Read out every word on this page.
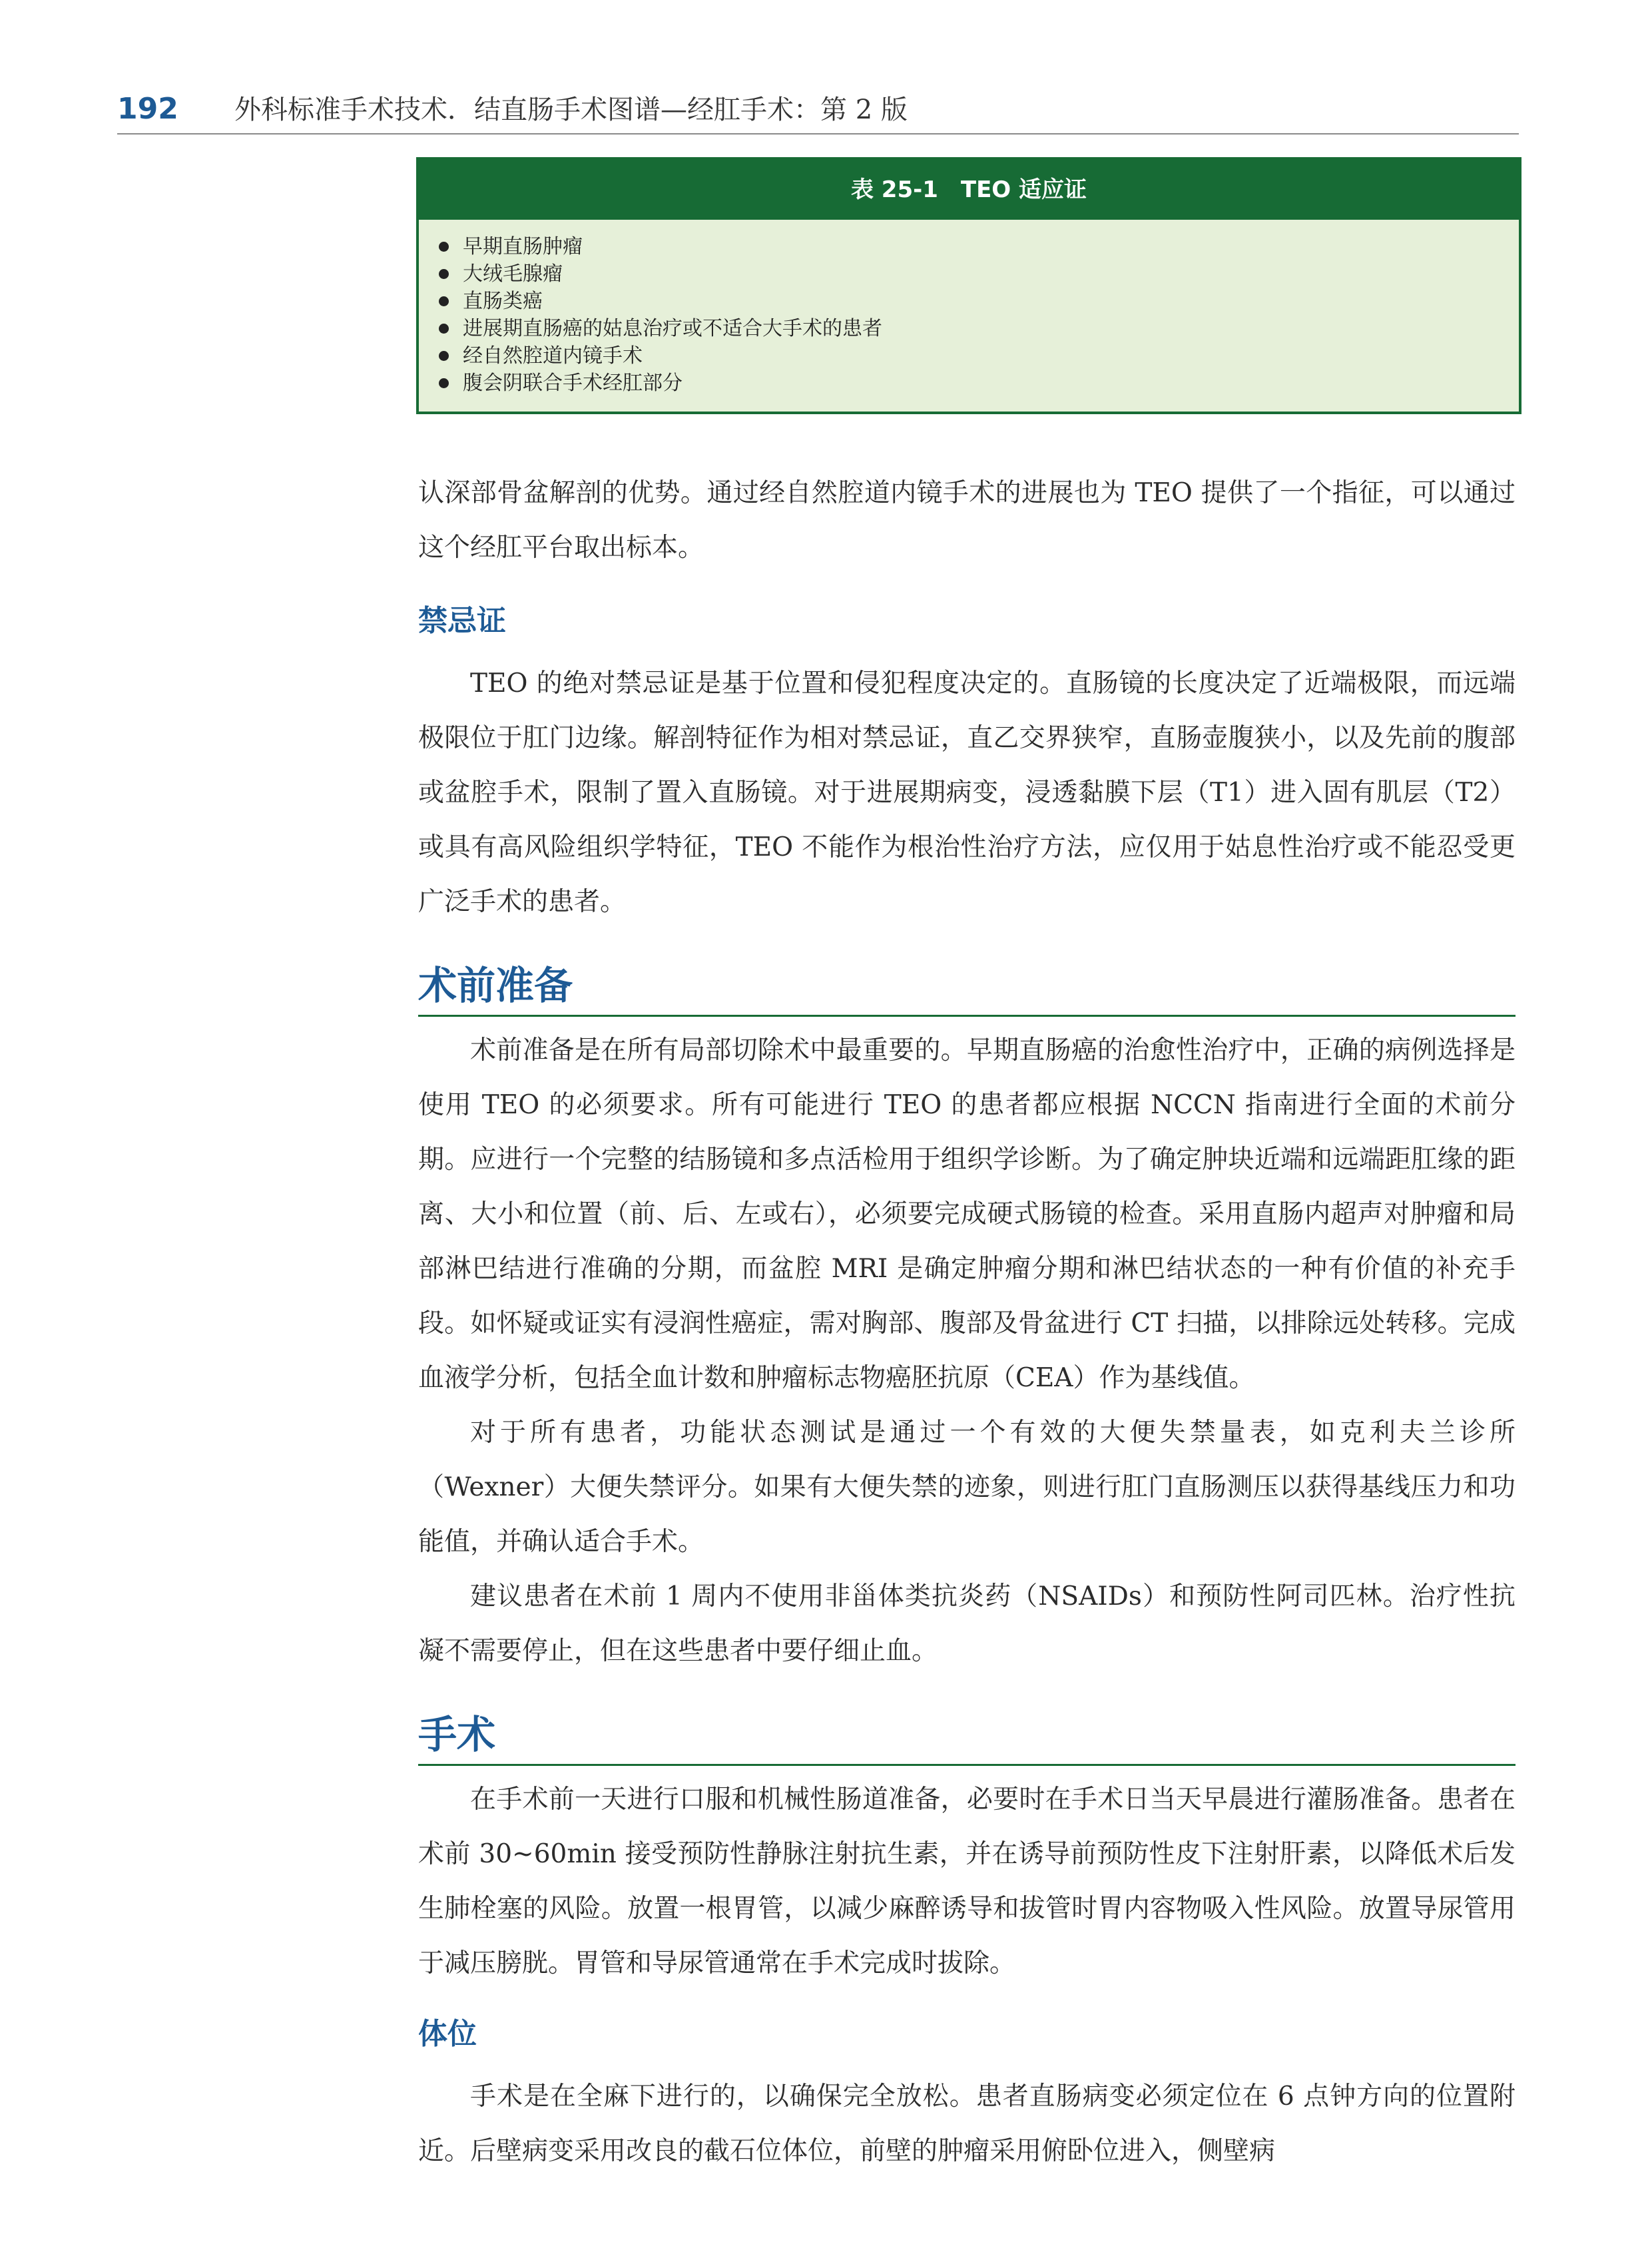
192 外科标准手术技术．结直肠手术图谱—经肛手术：第 2 版
表 25-1　TEO 适应证
早期直肠肿瘤
大绒毛腺瘤
直肠类癌
进展期直肠癌的姑息治疗或不适合大手术的患者
经自然腔道内镜手术
腹会阴联合手术经肛部分

认深部骨盆解剖的优势。通过经自然腔道内镜手术的进展也为 TEO 提供了一个指征，可以通过这个经肛平台取出标本。

禁忌证

TEO 的绝对禁忌证是基于位置和侵犯程度决定的。直肠镜的长度决定了近端极限，而远端极限位于肛门边缘。解剖特征作为相对禁忌证，直乙交界狭窄，直肠壶腹狭小，以及先前的腹部或盆腔手术，限制了置入直肠镜。对于进展期病变，浸透黏膜下层（T1）进入固有肌层（T2）或具有高风险组织学特征，TEO 不能作为根治性治疗方法，应仅用于姑息性治疗或不能忍受更广泛手术的患者。

术前准备

术前准备是在所有局部切除术中最重要的。早期直肠癌的治愈性治疗中，正确的病例选择是使用 TEO 的必须要求。所有可能进行 TEO 的患者都应根据 NCCN 指南进行全面的术前分期。应进行一个完整的结肠镜和多点活检用于组织学诊断。为了确定肿块近端和远端距肛缘的距离、大小和位置（前、后、左或右），必须要完成硬式肠镜的检查。采用直肠内超声对肿瘤和局部淋巴结进行准确的分期，而盆腔 MRI 是确定肿瘤分期和淋巴结状态的一种有价值的补充手段。如怀疑或证实有浸润性癌症，需对胸部、腹部及骨盆进行 CT 扫描，以排除远处转移。完成血液学分析，包括全血计数和肿瘤标志物癌胚抗原（CEA）作为基线值。

对于所有患者，功能状态测试是通过一个有效的大便失禁量表，如克利夫兰诊所（Wexner）大便失禁评分。如果有大便失禁的迹象，则进行肛门直肠测压以获得基线压力和功能值，并确认适合手术。

建议患者在术前 1 周内不使用非甾体类抗炎药（NSAIDs）和预防性阿司匹林。治疗性抗凝不需要停止，但在这些患者中要仔细止血。

手术

在手术前一天进行口服和机械性肠道准备，必要时在手术日当天早晨进行灌肠准备。患者在术前 30~60min 接受预防性静脉注射抗生素，并在诱导前预防性皮下注射肝素，以降低术后发生肺栓塞的风险。放置一根胃管，以减少麻醉诱导和拔管时胃内容物吸入性风险。放置导尿管用于减压膀胱。胃管和导尿管通常在手术完成时拔除。

体位

手术是在全麻下进行的，以确保完全放松。患者直肠病变必须定位在 6 点钟方向的位置附近。后壁病变采用改良的截石位体位，前壁的肿瘤采用俯卧位进入，侧壁病
